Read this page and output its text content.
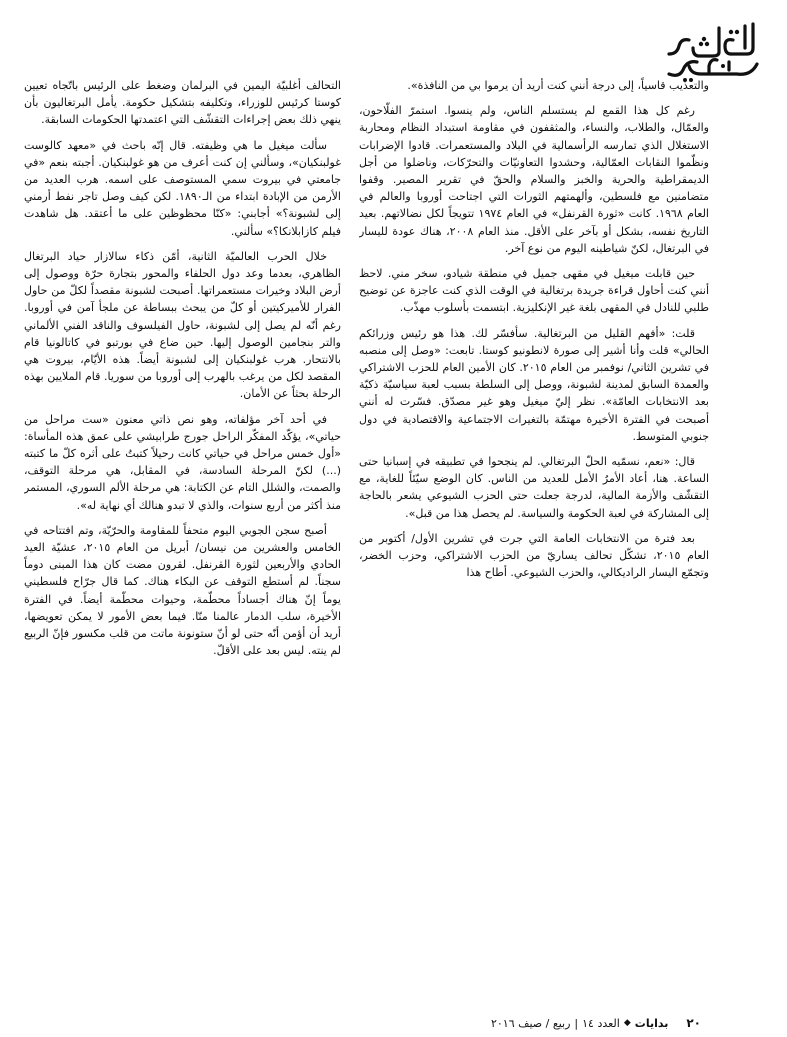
والتعذيب قاسياً، إلى درجة أنني كنت أريد أن يرموا بي من النافذة».

رغم كل هذا القمع لم يستسلم الناس، ولم ينسوا. استمرّ الفلّاحون، والعمّال، والطلاب، والنساء، والمثقفون في مقاومة استبداد النظام ومحاربة الاستغلال الذي تمارسه الرأسمالية في البلاد والمستعمرات. قادوا الإضرابات ونظّموا النقابات العمّالية، وحشدوا التعاونيّات والتحرّكات، وناضلوا من أجل الديمقراطية والحرية والخبز والسلام والحقّ في تقرير المصير. وقفوا متضامنين مع فلسطين، وألهمتهم الثورات التي اجتاحت أوروبا والعالم في العام ١٩٦٨. كانت «ثورة القرنفل» في العام ١٩٧٤ تتويجاً لكل نضالاتهم. بعيد التاريخ نفسه، بشكل أو بآخر على الأقل. منذ العام ٢٠٠٨، هناك عودة لليسار في البرتغال، لكنّ شياطينه اليوم من نوع آخر.

حين قابلت ميغيل في مقهى جميل في منطقة شيادو، سخر مني. لاحظ أنني كنت أحاول قراءة جريدة برتغالية في الوقت الذي كنت عاجزة عن توضيح طلبي للنادل في المقهى بلغة غير الإنكليزية. ابتسمت بأسلوب مهذّب.

قلت: «أفهم القليل من البرتغالية. سأفسّر لك. هذا هو رئيس وزرائكم الحالي» قلت وأنا أشير إلى صورة لانطونيو كوستا. تابعت: «وصل إلى منصبه في تشرين الثاني/ نوفمبر من العام ٢٠١٥. كان الأمين العام للحزب الاشتراكي والعمدة السابق لمدينة لشبونة، ووصل إلى السلطة بسبب لعبة سياسيّة ذكيّة بعد الانتخابات العامّة». نظر إليّ ميغيل وهو غير مصدّق. فسّرت له أنني أصبحت في الفترة الأخيرة مهتمّة بالتغيرات الاجتماعية والاقتصادية في دول جنوبي المتوسط.

قال: «نعم، نسمّيه الحلّ البرتغالي. لم ينجحوا في تطبيقه في إسبانيا حتى الساعة. هنا، أعاد الأمرُ الأمل للعديد من الناس. كان الوضع سيّئاً للغاية، مع التقشّف والأزمة المالية، لدرجة جعلت حتى الحزب الشيوعي يشعر بالحاجة إلى المشاركة في لعبة الحكومة والسياسة. لم يحصل هذا من قبل».

بعد فترة من الانتخابات العامة التي جرت في تشرين الأول/ أكتوبر من العام ٢٠١٥، تشكّل تحالف يساريّ من الحزب الاشتراكي، وحزب الخضر، وتجمّع اليسار الراديكالي، والحزب الشيوعي. أطاح هذا

التحالف أغلبيّة اليمين في البرلمان وضغط على الرئيس باتّجاه تعيين كوستا كرئيس للوزراء، وتكليفه بتشكيل حكومة. يأمل البرتغاليون بأن ينهي ذلك بعض إجراءات التقشّف التي اعتمدتها الحكومات السابقة.

سألت ميغيل ما هي وظيفته. قال إنّه باحث في «معهد كالوست غولبنكيان»، وسألني إن كنت أعرف من هو غولبنكيان. أجبته بنعم «في جامعتي في بيروت سمي المستوصف على اسمه. هرب العديد من الأرمن من الإبادة ابتداء من الـ١٨٩٠. لكن كيف وصل تاجر نفط أرمني إلى لشبونة؟» أجابني: «كنّا محظوظين على ما أعتقد. هل شاهدت فيلم كازابلانكا؟» سألني.

خلال الحرب العالميّة الثانية، أمّن ذكاء سالازار حياد البرتغال الظاهري، بعدما وعد دول الحلفاء والمحور بتجارة حرّة ووصول إلى أرض البلاد وخيرات مستعمراتها. أصبحت لشبونة مقصداً لكلّ من حاول الفرار للأميركيتين أو كلّ من يبحث ببساطة عن ملجأ آمن في أوروبا. رغم أنّه لم يصل إلى لشبونة، حاول الفيلسوف والناقد الفني الألماني والتر بنجامين الوصول إليها. حين ضاع في بورتبو في كاتالونيا قام بالانتحار. هرب غولبنكيان إلى لشبونة أيضاً. هذه الأيّام، بيروت هي المقصد لكل من يرغب بالهرب إلى أوروبا من سوريا. قام الملايين بهذه الرحلة بحثاً عن الأمان.

في أحد آخر مؤلفاته، وهو نص ذاتي معنون «ست مراحل من حياتي»، يؤكّد المفكّر الراحل جورج طرابيشي على عمق هذه المأساة: «أول خمس مراحل في حياتي كانت رحيلاً كتبتُ على أثره كلّ ما كتبته (...) لكنّ المرحلة السادسة، في المقابل، هي مرحلة التوقف، والصمت، والشلل التام عن الكتابة: هي مرحلة الألم السوري، المستمر منذ أكثر من أربع سنوات، والذي لا تبدو هنالك أي نهاية له».

أصبح سجن الجوبي اليوم متحفاً للمقاومة والحرّيّة، وتم افتتاحه في الخامس والعشرين من نيسان/ أبريل من العام ٢٠١٥، عشيّة العيد الحادي والأربعين لثورة القرنفل. لقرون مضت كان هذا المبنى دوماً سجناً. لم أستطع التوقف عن البكاء هناك. كما قال جرّاح فلسطيني يوماً إنّ هناك أجساداً محطّمة، وحيوات محطّمة أيضاً. في الفترة الأخيرة، سلب الدمار عالمنا منّا. فيما بعض الأمور لا يمكن تعويضها، أريد أن أؤمن أنّه حتى لو أنّ ستونونة ماتت من قلب مكسور فإنّ الربيع لم ينته. ليس بعد على الأقلّ.

٢٠
بدايات
◆
العدد ١٤
|
ربيع / صيف ٢٠١٦
